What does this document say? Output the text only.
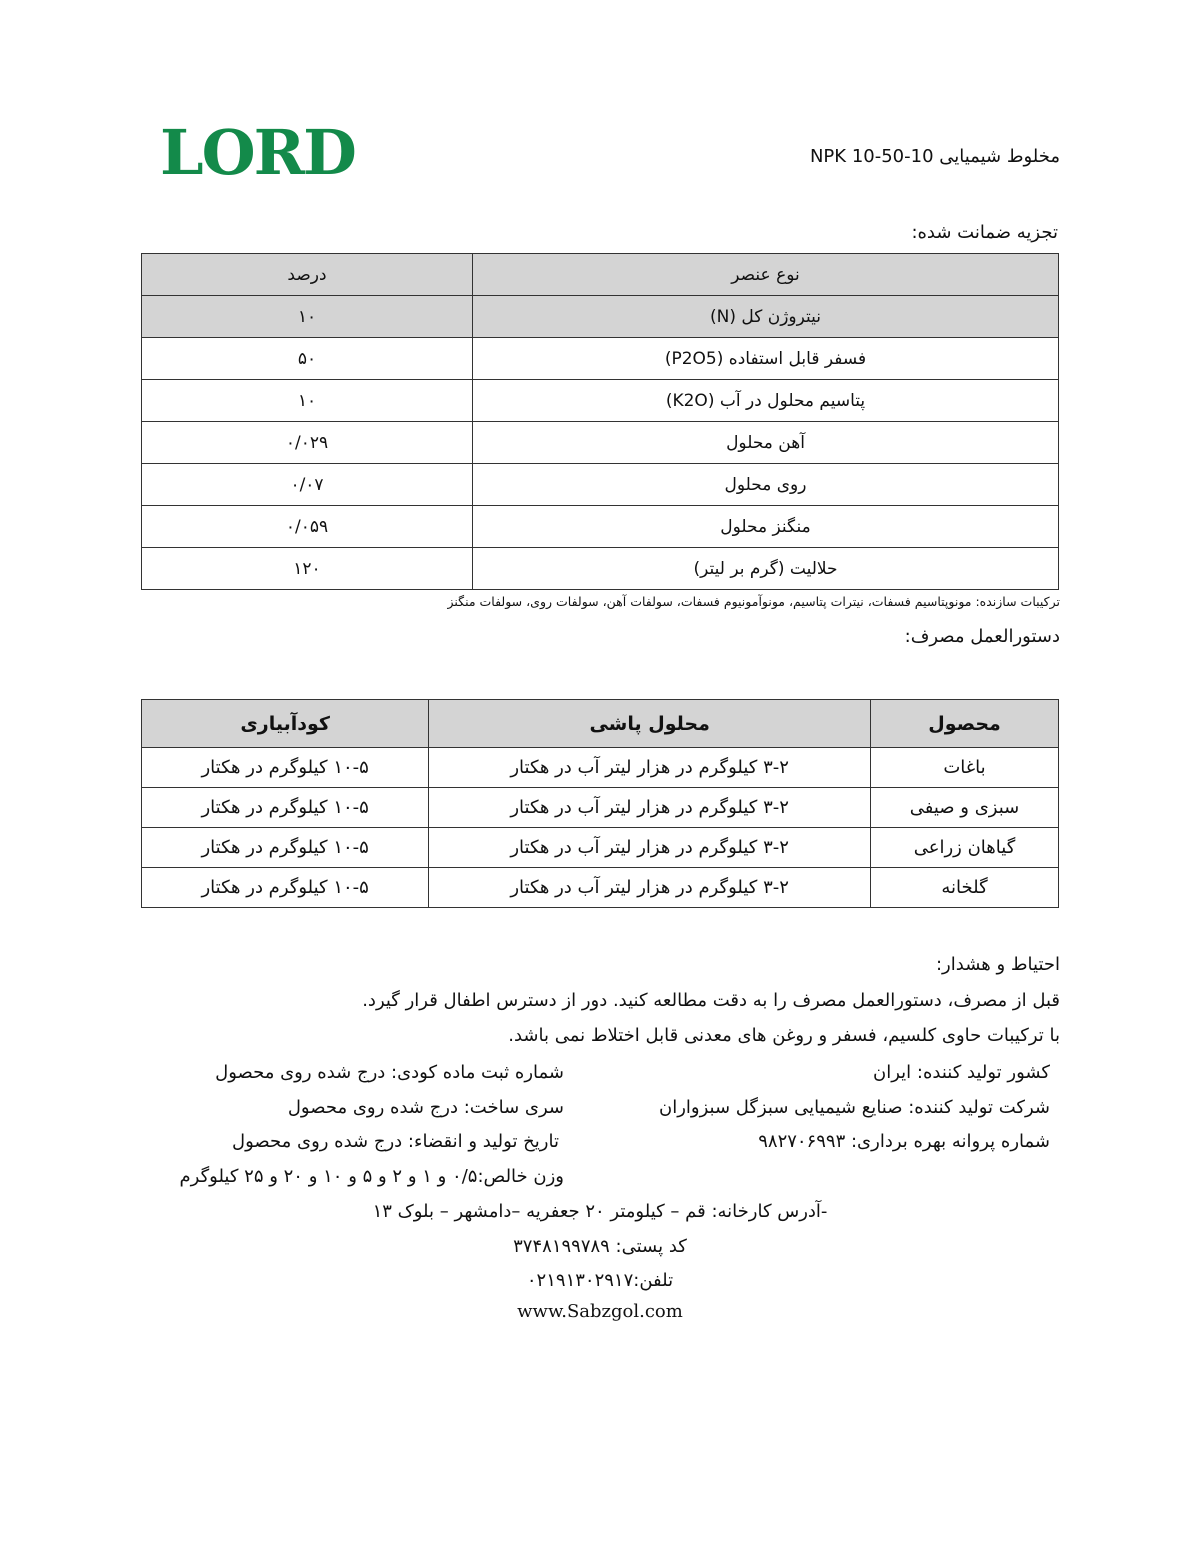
LORD	مخلوط شیمیایی NPK 10-50-10
تجزیه ضمانت شده:
نوع عنصر	درصد
نیتروژن کل (N)	۱۰
فسفر قابل استفاده (P2O5)	۵۰
پتاسیم محلول در آب (K2O)	۱۰
آهن محلول	۰/۰۲۹
روی محلول	۰/۰۷
منگنز محلول	۰/۰۵۹
حلالیت (گرم بر لیتر)	۱۲۰
ترکیبات سازنده: مونوپتاسیم فسفات، نیترات پتاسیم، مونوآمونیوم فسفات، سولفات آهن، سولفات روی، سولفات منگنز
دستورالعمل مصرف:
محصول	محلول پاشی	کودآبیاری
باغات	۳-۲ کیلوگرم در هزار لیتر آب در هکتار	۱۰-۵ کیلوگرم در هکتار
سبزی و صیفی	۳-۲ کیلوگرم در هزار لیتر آب در هکتار	۱۰-۵ کیلوگرم در هکتار
گیاهان زراعی	۳-۲ کیلوگرم در هزار لیتر آب در هکتار	۱۰-۵ کیلوگرم در هکتار
گلخانه	۳-۲ کیلوگرم در هزار لیتر آب در هکتار	۱۰-۵ کیلوگرم در هکتار
احتیاط و هشدار:
قبل از مصرف، دستورالعمل مصرف را به دقت مطالعه کنید. دور از دسترس اطفال قرار گیرد.
با ترکیبات حاوی کلسیم، فسفر و روغن های معدنی قابل اختلاط نمی باشد.
کشور تولید کننده: ایران
شرکت تولید کننده: صنایع شیمیایی سبزگل سبزواران
شماره پروانه بهره برداری: ۹۸۲۷۰۶۹۹۳
شماره ثبت ماده کودی: درج شده روی محصول
سری ساخت: درج شده روی محصول
تاریخ تولید و انقضاء: درج شده روی محصول
وزن خالص:۰/۵ و ۱ و ۲ و ۵ و ۱۰ و ۲۰ و ۲۵ کیلوگرم
-آدرس کارخانه: قم – کیلومتر ۲۰ جعفریه –دامشهر – بلوک ۱۳
کد پستی: ۳۷۴۸۱۹۹۷۸۹
تلفن:۰۲۱۹۱۳۰۲۹۱۷
www.Sabzgol.com
